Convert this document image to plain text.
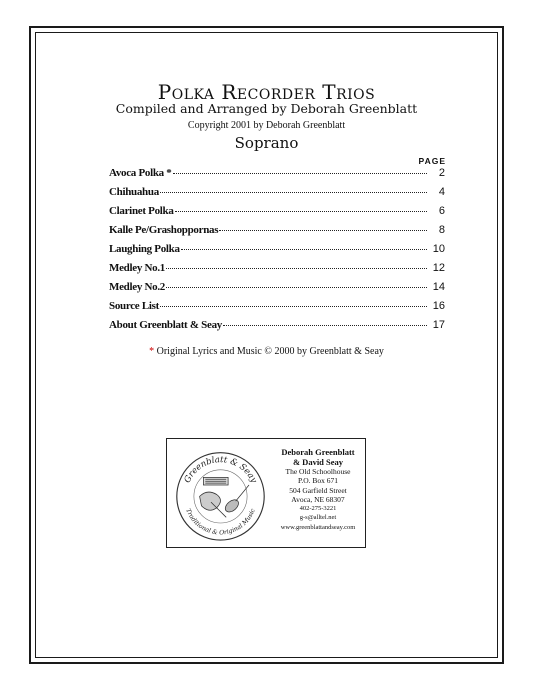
Polka Recorder Trios
Compiled and Arranged by Deborah Greenblatt
Copyright 2001 by Deborah Greenblatt
Soprano
PAGE
Avoca Polka *	2
Chihuahua	4
Clarinet Polka	6
Kalle Pe/Grashoppornas	8
Laughing Polka	10
Medley No.1	12
Medley No.2	14
Source List	16
About Greenblatt & Seay	17
* Original Lyrics and Music © 2000 by Greenblatt & Seay
Greenblatt & Seay
Traditional & Original Music
Deborah Greenblatt
& David Seay
The Old Schoolhouse
P.O. Box 671
504 Garfield Street
Avoca, NE 68307
402-275-3221
g-s@alltel.net
www.greenblattandseay.com
